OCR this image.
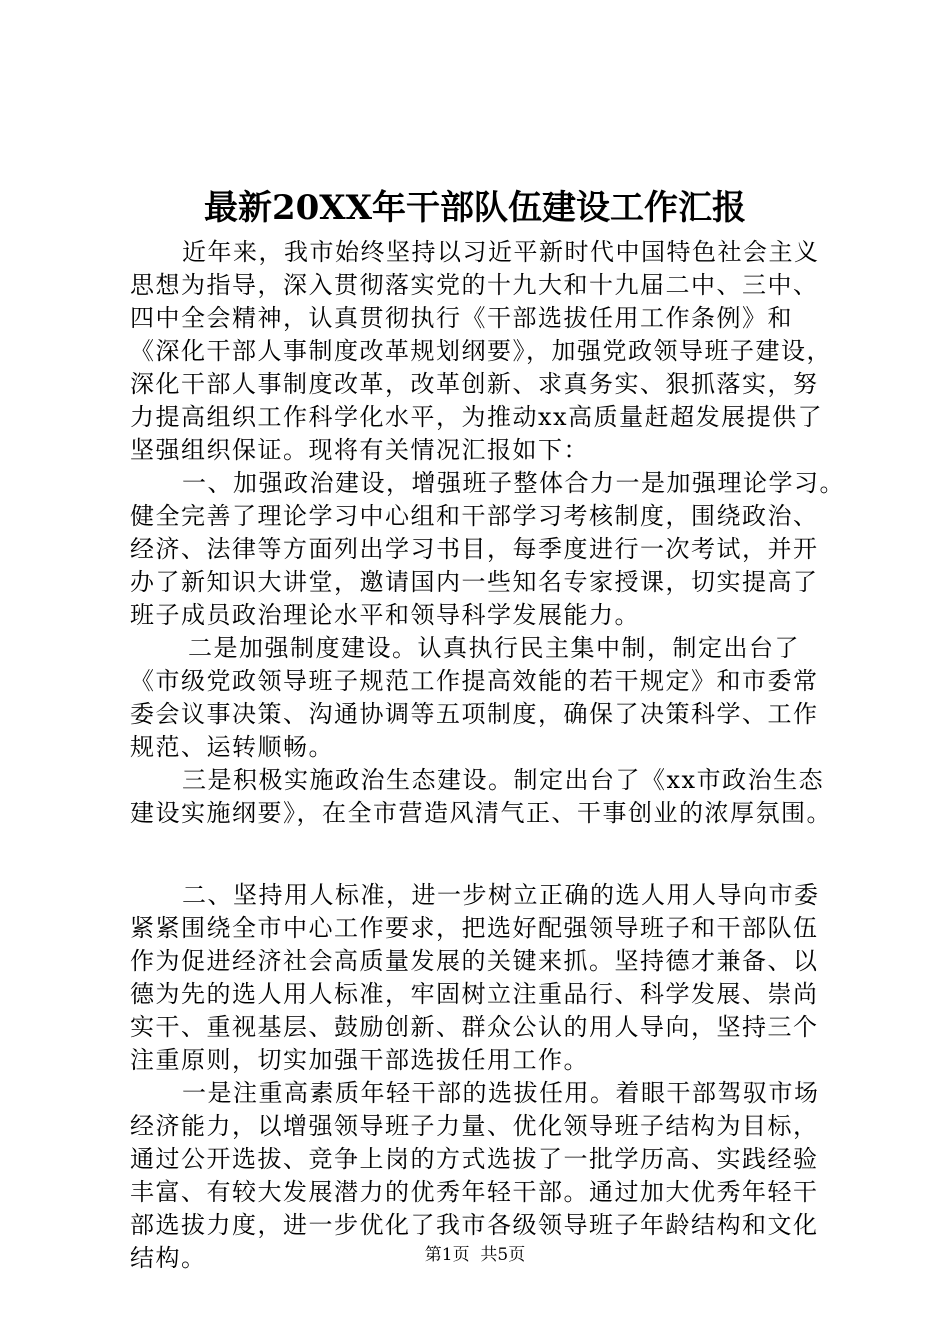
最新20XX年干部队伍建设工作汇报
近年来，我市始终坚持以习近平新时代中国特色社会主义
思想为指导，深入贯彻落实党的十九大和十九届二中、三中、
四中全会精神，认真贯彻执行《干部选拔任用工作条例》和
《深化干部人事制度改革规划纲要》，加强党政领导班子建设，
深化干部人事制度改革，改革创新、求真务实、狠抓落实，努
力提高组织工作科学化水平，为推动xx高质量赶超发展提供了
坚强组织保证。现将有关情况汇报如下：
一、加强政治建设，增强班子整体合力一是加强理论学习。
健全完善了理论学习中心组和干部学习考核制度，围绕政治、
经济、法律等方面列出学习书目，每季度进行一次考试，并开
办了新知识大讲堂，邀请国内一些知名专家授课，切实提高了
班子成员政治理论水平和领导科学发展能力。
二是加强制度建设。认真执行民主集中制，制定出台了
《市级党政领导班子规范工作提高效能的若干规定》和市委常
委会议事决策、沟通协调等五项制度，确保了决策科学、工作
规范、运转顺畅。
三是积极实施政治生态建设。制定出台了《xx市政治生态
建设实施纲要》，在全市营造风清气正、干事创业的浓厚氛围。
二、坚持用人标准，进一步树立正确的选人用人导向市委
紧紧围绕全市中心工作要求，把选好配强领导班子和干部队伍
作为促进经济社会高质量发展的关键来抓。坚持德才兼备、以
德为先的选人用人标准，牢固树立注重品行、科学发展、崇尚
实干、重视基层、鼓励创新、群众公认的用人导向，坚持三个
注重原则，切实加强干部选拔任用工作。
一是注重高素质年轻干部的选拔任用。着眼干部驾驭市场
经济能力，以增强领导班子力量、优化领导班子结构为目标，
通过公开选拔、竞争上岗的方式选拔了一批学历高、实践经验
丰富、有较大发展潜力的优秀年轻干部。通过加大优秀年轻干
部选拔力度，进一步优化了我市各级领导班子年龄结构和文化
结构。	第1页  共5页
